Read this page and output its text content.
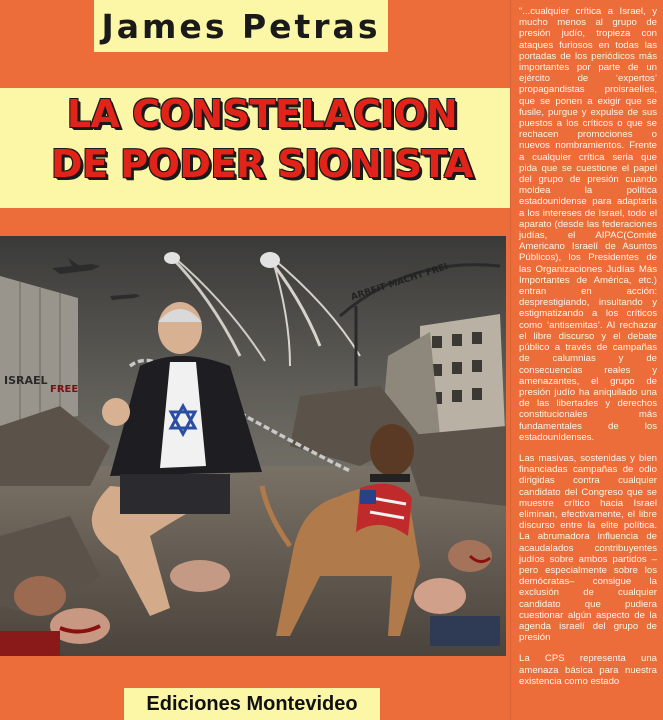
James Petras
LA CONSTELACION
DE PODER SIONISTA
ISRAEL
FREE
ARBEIT MACHT FREI
Ediciones Montevideo

“...cualquier crítica a Israel, y mucho menos al grupo de presión judío, tropieza con ataques furiosos en todas las portadas de los periódicos más importantes por parte de un ejército de ‘expertos’ propagandistas proisraelíes, que se ponen a exigir que se fusile, purgue y expulse de sus puestos a los críticos o que se rechacen promociones o nuevos nombramientos. Frente a cualquier crítica seria que pida que se cuestione el papel del grupo de presión cuando moldea la política estadounidense para adaptarla a los intereses de Israel, todo el aparato (desde las federaciones judías, el AIPAC(Comité Americano Israelí de Asuntos Públicos), los Presidentes de las Organizaciones Judías Más Importantes de América, etc.) entran en acción: desprestigiando, insultando y estigmatizando a los críticos como ‘antisemitas’. Al rechazar el libre discurso y el debate público a través de campañas de calumnias y de consecuencias reales y amenazantes, el grupo de presión judío ha aniquilado una de las libertades y derechos constitucionales más fundamentales de los estadounidenses.

Las masivas, sostenidas y bien financiadas campañas de odio dirigidas contra cualquier candidato del Congreso que se muestre crítico hacia Israel eliminan, efectivamente, el libre discurso entre la elite política. La abrumadora influencia de acaudalados contribuyentes judíos sobre ambos partidos –pero especialmente sobre los demócratas– consigue la exclusión de cualquier candidato que pudiera cuestionar algún aspecto de la agenda israelí del grupo de presión

La CPS representa una amenaza básica para nuestra existencia como estado
